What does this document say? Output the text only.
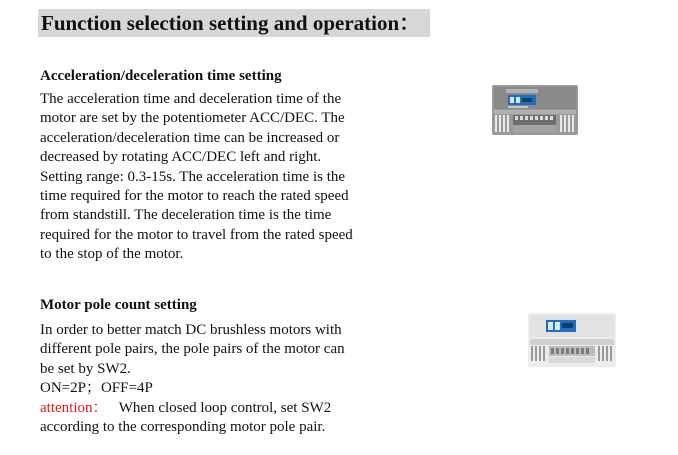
Function selection setting and operation：
Acceleration/deceleration time setting
The acceleration time and deceleration time of the
motor are set by the potentiometer ACC/DEC. The
acceleration/deceleration time can be increased or
decreased by rotating ACC/DEC left and right.
Setting range: 0.3-15s. The acceleration time is the
time required for the motor to reach the rated speed
from standstill. The deceleration time is the time
required for the motor to travel from the rated speed
to the stop of the motor.
Motor pole count setting
In order to better match DC brushless motors with
different pole pairs, the pole pairs of the motor can
be set by SW2.
ON=2P；OFF=4P
attention： When closed loop control, set SW2
according to the corresponding motor pole pair.
